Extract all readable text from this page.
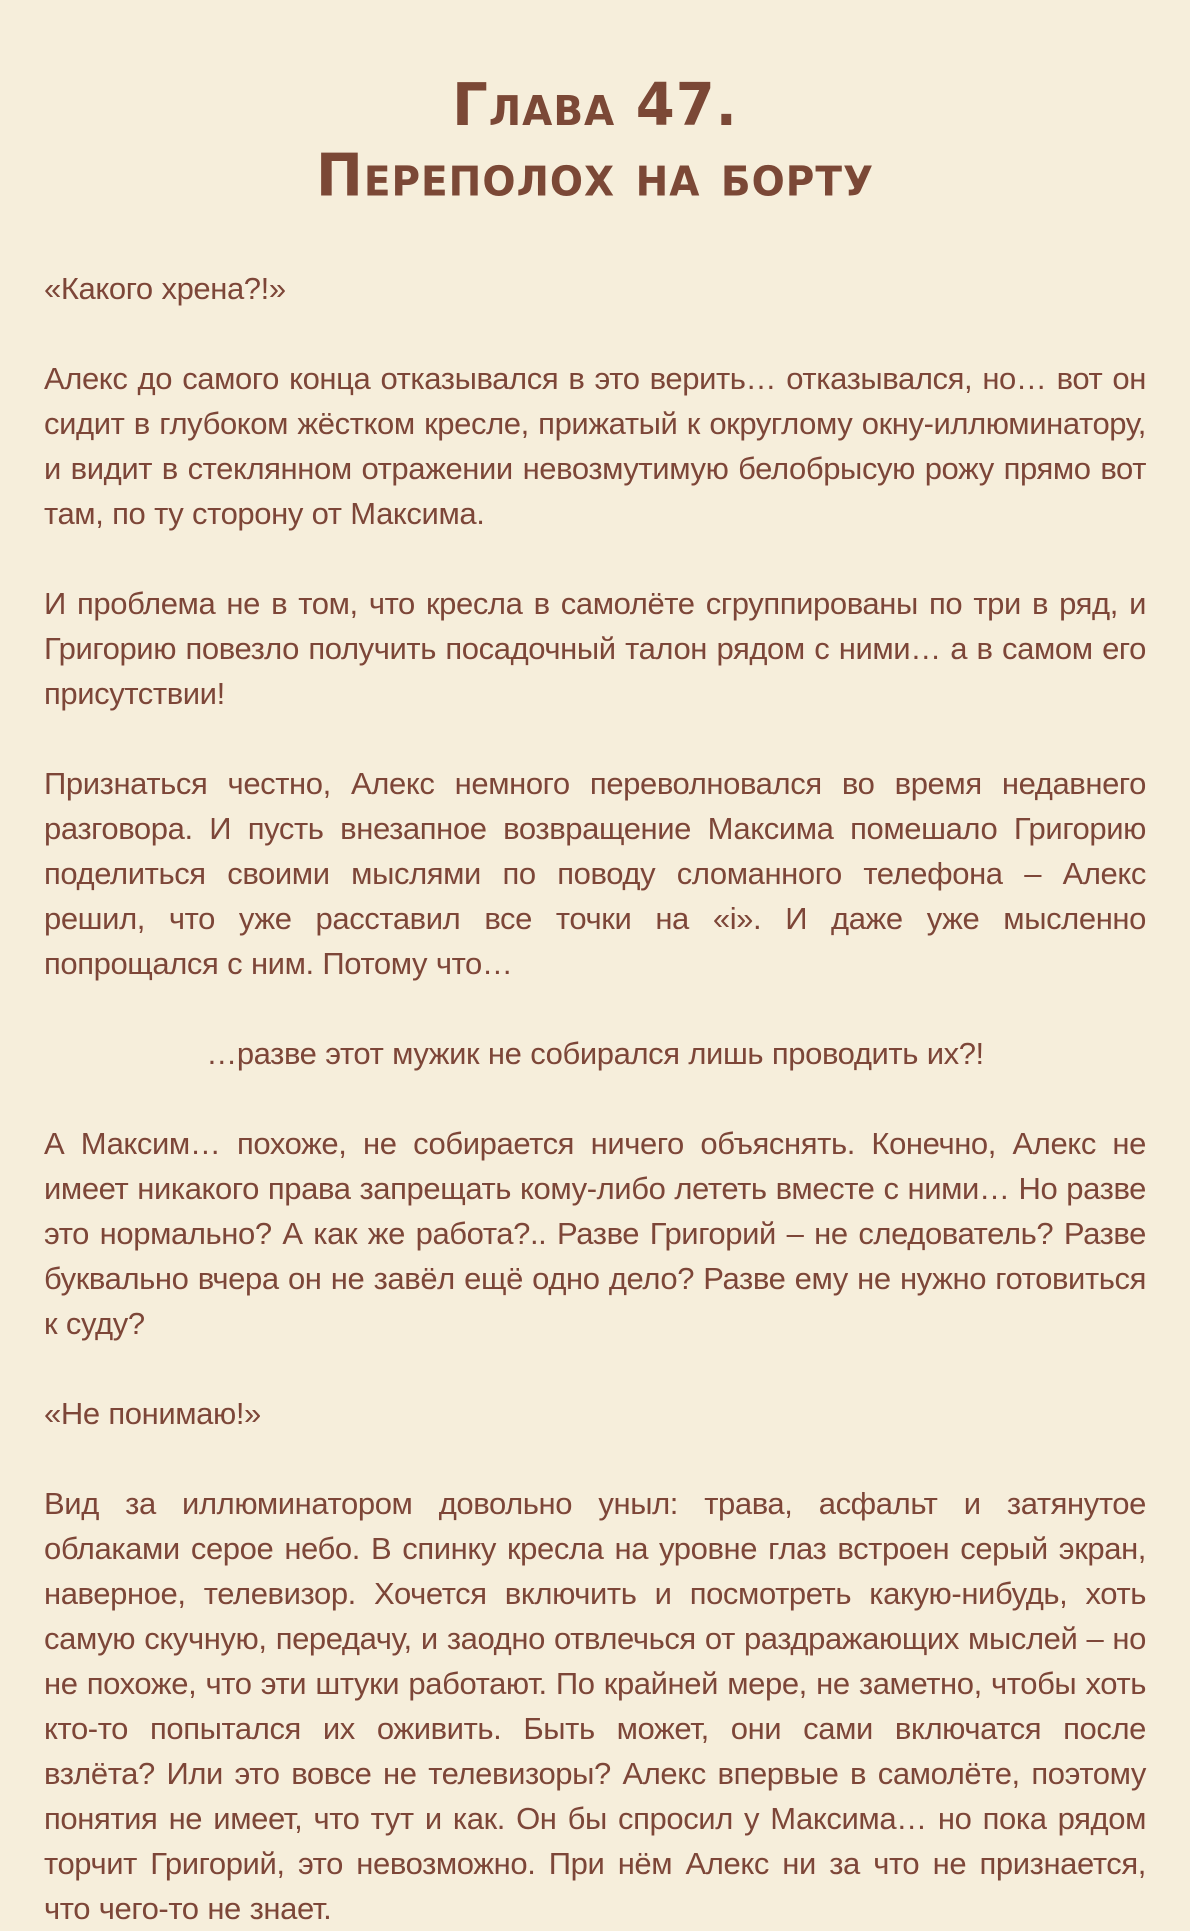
Глава 47.
Переполох на борту

«Какого хрена?!»

Алекс до самого конца отказывался в это верить… отказывался, но… вот он сидит в глубоком жёстком кресле, прижатый к округлому окну-иллюминатору, и видит в стеклянном отражении невозмутимую белобрысую рожу прямо вот там, по ту сторону от Максима.

И проблема не в том, что кресла в самолёте сгруппированы по три в ряд, и Григорию повезло получить посадочный талон рядом с ними… а в самом его присутствии!

Признаться честно, Алекс немного переволновался во время недавнего разговора. И пусть внезапное возвращение Максима помешало Григорию поделиться своими мыслями по поводу сломанного телефона – Алекс решил, что уже расставил все точки на «i». И даже уже мысленно попрощался с ним. Потому что…

…разве этот мужик не собирался лишь проводить их?!

А Максим… похоже, не собирается ничего объяснять. Конечно, Алекс не имеет никакого права запрещать кому-либо лететь вместе с ними… Но разве это нормально? А как же работа?.. Разве Григорий – не следователь? Разве буквально вчера он не завёл ещё одно дело? Разве ему не нужно готовиться к суду?

«Не понимаю!»

Вид за иллюминатором довольно уныл: трава, асфальт и затянутое облаками серое небо. В спинку кресла на уровне глаз встроен серый экран, наверное, телевизор. Хочется включить и посмотреть какую-нибудь, хоть самую скучную, передачу, и заодно отвлечься от раздражающих мыслей – но не похоже, что эти штуки работают. По крайней мере, не заметно, чтобы хоть кто-то попытался их оживить. Быть может, они сами включатся после взлёта? Или это вовсе не телевизоры? Алекс впервые в самолёте, поэтому понятия не имеет, что тут и как. Он бы спросил у Максима… но пока рядом торчит Григорий, это невозможно. При нём Алекс ни за что не признается, что чего-то не знает.
